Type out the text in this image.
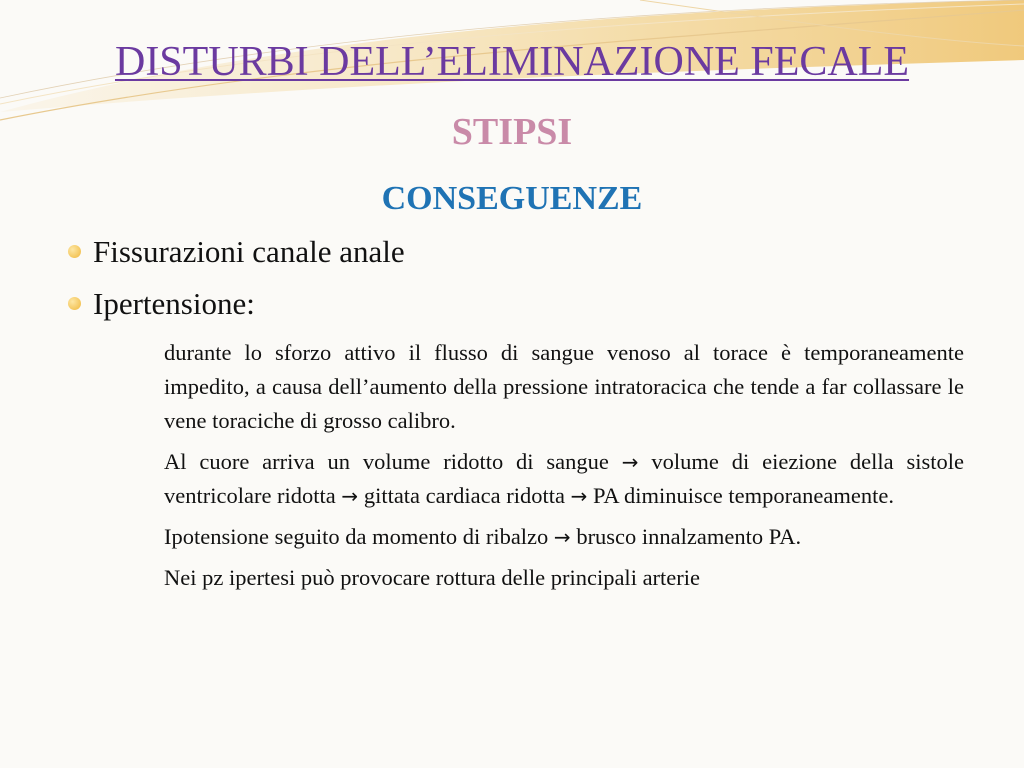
DISTURBI DELL’ELIMINAZIONE FECALE
STIPSI
CONSEGUENZE
Fissurazioni canale anale
Ipertensione:

durante lo sforzo attivo il flusso di sangue venoso al torace è temporaneamente impedito, a causa dell’aumento della pressione intratoracica che tende a far collassare le vene toraciche di grosso calibro.

Al cuore arriva un volume ridotto di sangue → volume di eiezione della sistole ventricolare ridotta → gittata cardiaca ridotta → PA diminuisce temporaneamente.

Ipotensione seguito da momento di ribalzo → brusco innalzamento PA.

Nei pz ipertesi può provocare rottura delle principali arterie
